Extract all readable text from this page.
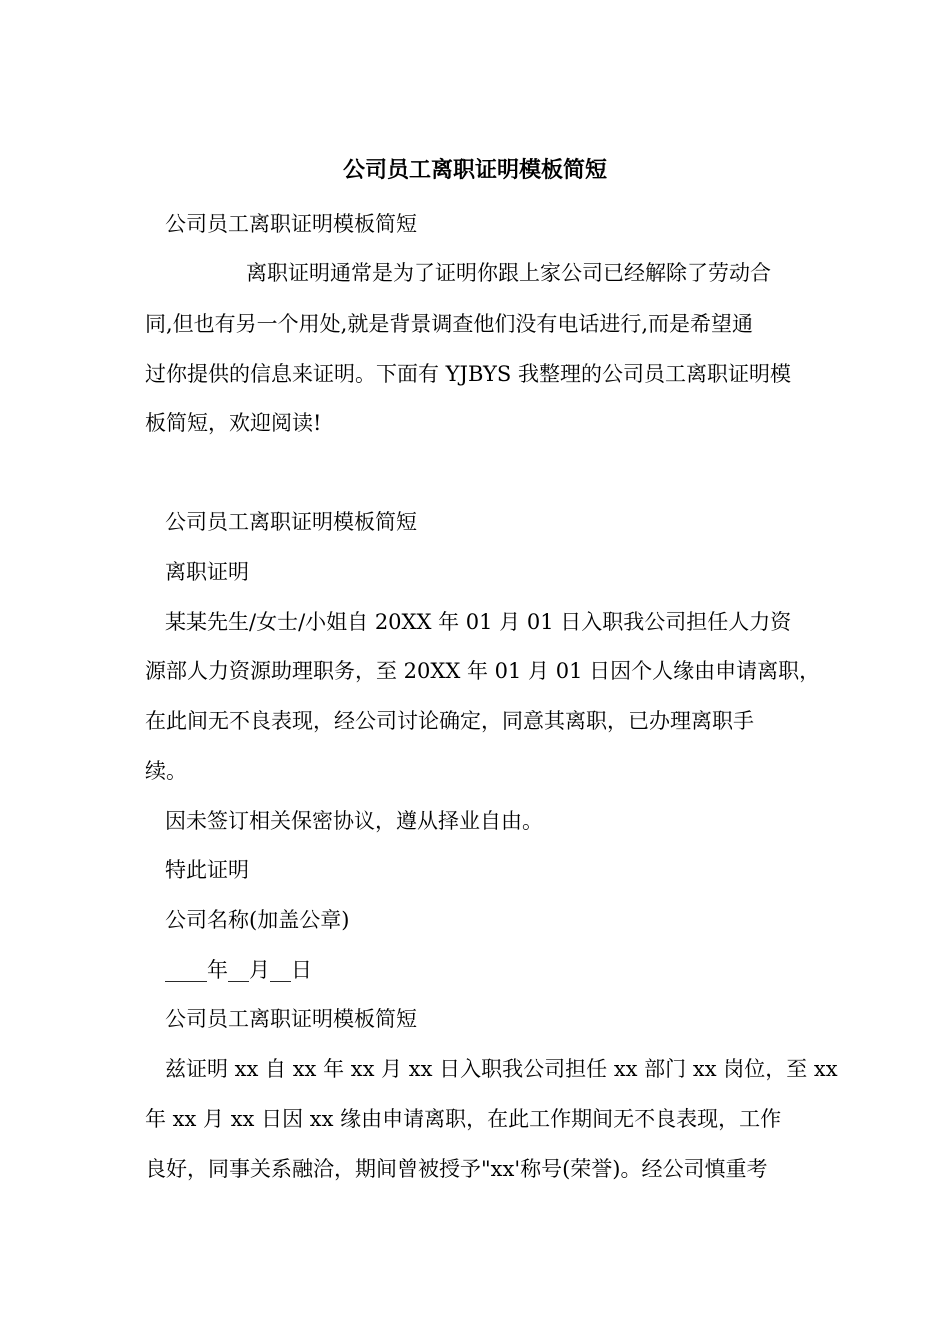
公司员工离职证明模板简短
公司员工离职证明模板简短
离职证明通常是为了证明你跟上家公司已经解除了劳动合
同,但也有另一个用处,就是背景调查他们没有电话进行,而是希望通
过你提供的信息来证明。下面有 YJBYS 我整理的公司员工离职证明模
板简短，欢迎阅读!
公司员工离职证明模板简短
离职证明
某某先生/女士/小姐自 20XX 年 01 月 01 日入职我公司担任人力资
源部人力资源助理职务，至 20XX 年 01 月 01 日因个人缘由申请离职，
在此间无不良表现，经公司讨论确定，同意其离职，已办理离职手
续。
因未签订相关保密协议，遵从择业自由。
特此证明
公司名称(加盖公章)
____年__月__日
公司员工离职证明模板简短
兹证明 xx 自 xx 年 xx 月 xx 日入职我公司担任 xx 部门 xx 岗位，至 xx
年 xx 月 xx 日因 xx 缘由申请离职，在此工作期间无不良表现，工作
良好，同事关系融洽，期间曾被授予"xx'称号(荣誉)。经公司慎重考
